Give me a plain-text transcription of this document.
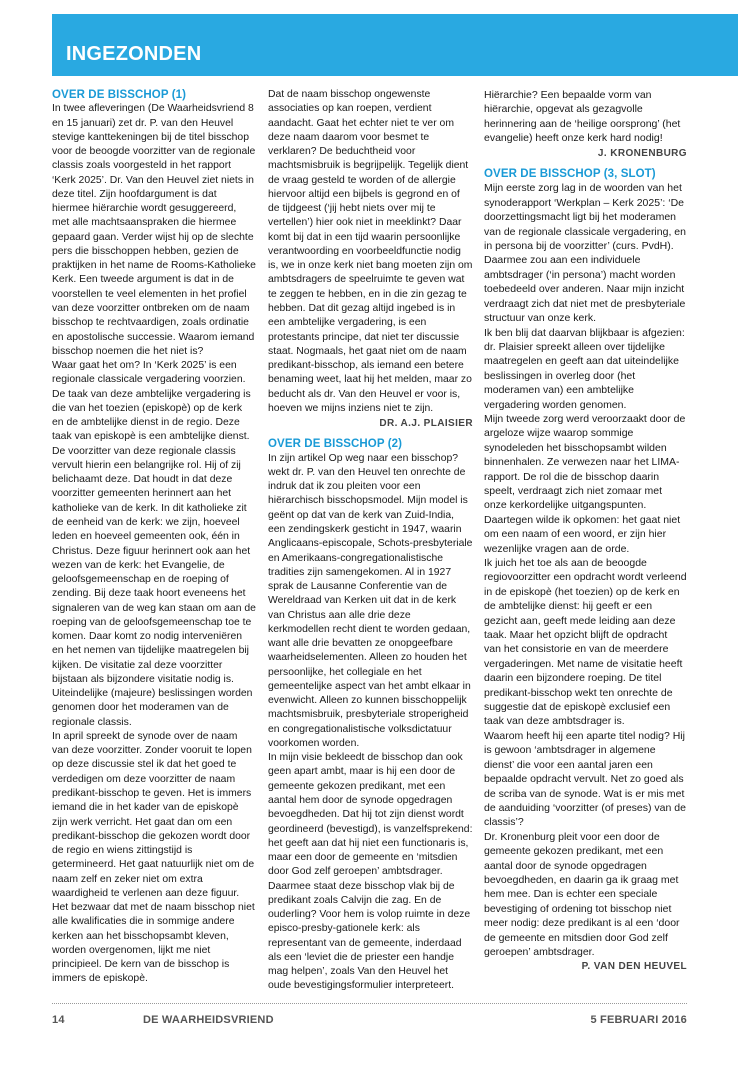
INGEZONDEN

OVER DE BISSCHOP (1)

In twee afleveringen (De Waarheidsvriend 8 en 15 januari) zet dr. P. van den Heuvel stevige kanttekeningen bij de titel bisschop voor de beoogde voorzitter van de regionale classis zoals voorgesteld in het rapport ‘Kerk 2025’. Dr. Van den Heuvel ziet niets in deze titel. Zijn hoofdargument is dat hiermee hiërarchie wordt gesuggereerd, met alle machtsaanspraken die hiermee gepaard gaan. Verder wijst hij op de slechte pers die bisschoppen hebben, gezien de praktijken in het name de Rooms-Katholieke Kerk. Een tweede argument is dat in de voorstellen te veel elementen in het profiel van deze voorzitter ontbreken om de naam bisschop te rechtvaardigen, zoals ordinatie en apostolische successie. Waarom iemand bisschop noemen die het niet is?

Waar gaat het om? In ‘Kerk 2025’ is een regionale classicale vergadering voorzien. De taak van deze ambtelijke vergadering is die van het toezien (episkopè) op de kerk en de ambtelijke dienst in de regio. Deze taak van episkopè is een ambtelijke dienst. De voorzitter van deze regionale classis vervult hierin een belangrijke rol. Hij of zij belichaamt deze. Dat houdt in dat deze voorzitter gemeenten herinnert aan het katholieke van de kerk. In dit katholieke zit de eenheid van de kerk: we zijn, hoeveel leden en hoeveel gemeenten ook, één in Christus. Deze figuur herinnert ook aan het wezen van de kerk: het Evangelie, de geloofsgemeenschap en de roeping of zending. Bij deze taak hoort eveneens het signaleren van de weg kan staan om aan de roeping van de geloofsgemeenschap toe te komen. Daar komt zo nodig interveniëren en het nemen van tijdelijke maatregelen bij kijken. De visitatie zal deze voorzitter bijstaan als bijzondere visitatie nodig is. Uiteindelijke (majeure) beslissingen worden genomen door het moderamen van de regionale classis.

In april spreekt de synode over de naam van deze voorzitter. Zonder vooruit te lopen op deze discussie stel ik dat het goed te verdedigen om deze voorzitter de naam predikant-bisschop te geven. Het is immers iemand die in het kader van de episkopè zijn werk verricht. Het gaat dan om een predikant-bisschop die gekozen wordt door de regio en wiens zittingstijd is getermineerd. Het gaat natuurlijk niet om de naam zelf en zeker niet om extra waardigheid te verlenen aan deze figuur. Het bezwaar dat met de naam bisschop niet alle kwalificaties die in sommige andere kerken aan het bisschopsambt kleven, worden overgenomen, lijkt me niet principieel. De kern van de bisschop is immers de episkopè.

Dat de naam bisschop ongewenste associaties op kan roepen, verdient aandacht. Gaat het echter niet te ver om deze naam daarom voor besmet te verklaren? De beduchtheid voor machtsmisbruik is begrijpelijk. Tegelijk dient de vraag gesteld te worden of de allergie hiervoor altijd een bijbels is gegrond en of de tijdgeest (‘jij hebt niets over mij te vertellen’) hier ook niet in meeklinkt? Daar komt bij dat in een tijd waarin persoonlijke verantwoording en voorbeeldfunctie nodig is, we in onze kerk niet bang moeten zijn om ambtsdragers de speelruimte te geven wat te zeggen te hebben, en in die zin gezag te hebben. Dat dit gezag altijd ingebed is in een ambtelijke vergadering, is een protestants principe, dat niet ter discussie staat. Nogmaals, het gaat niet om de naam predikant-bisschop, als iemand een betere benaming weet, laat hij het melden, maar zo beducht als dr. Van den Heuvel er voor is, hoeven we mijns inziens niet te zijn.

DR. A.J. PLAISIER

OVER DE BISSCHOP (2)

In zijn artikel Op weg naar een bisschop? wekt dr. P. van den Heuvel ten onrechte de indruk dat ik zou pleiten voor een hiërarchisch bisschopsmodel. Mijn model is geënt op dat van de kerk van Zuid-India, een zendingskerk gesticht in 1947, waarin Anglicaans-episcopale, Schots-presbyteriale en Amerikaans-congregationalistische tradities zijn samengekomen. Al in 1927 sprak de Lausanne Conferentie van de Wereldraad van Kerken uit dat in de kerk van Christus aan alle drie deze kerkmodellen recht dient te worden gedaan, want alle drie bevatten ze onopgeefbare waarheidselementen. Alleen zo houden het persoonlijke, het collegiale en het gemeentelijke aspect van het ambt elkaar in evenwicht. Alleen zo kunnen bisschoppelijk machtsmisbruik, presbyteriale stroperigheid en congregationalistische volksdictatuur voorkomen worden.

In mijn visie bekleedt de bisschop dan ook geen apart ambt, maar is hij een door de gemeente gekozen predikant, met een aantal hem door de synode opgedragen bevoegdheden. Dat hij tot zijn dienst wordt geordineerd (bevestigd), is vanzelfsprekend: het geeft aan dat hij niet een functionaris is, maar een door de gemeente en ‘mitsdien door God zelf geroepen’ ambtsdrager. Daarmee staat deze bisschop vlak bij de predikant zoals Calvijn die zag. En de ouderling? Voor hem is volop ruimte in deze episco-presby-gationele kerk: als representant van de gemeente, inderdaad als een ‘leviet die de priester een handje mag helpen’, zoals Van den Heuvel het oude bevestigingsformulier interpreteert.

Hiërarchie? Een bepaalde vorm van hiërarchie, opgevat als gezagvolle herinnering aan de ‘heilige oorsprong’ (het evangelie) heeft onze kerk hard nodig!

J. KRONENBURG

OVER DE BISSCHOP (3, SLOT)

Mijn eerste zorg lag in de woorden van het synoderapport ‘Werkplan – Kerk 2025’: ‘De doorzettingsmacht ligt bij het moderamen van de regionale classicale vergadering, en in persona bij de voorzitter’ (curs. PvdH). Daarmee zou aan een individuele ambtsdrager (‘in persona’) macht worden toebedeeld over anderen. Naar mijn inzicht verdraagt zich dat niet met de presbyteriale structuur van onze kerk.

Ik ben blij dat daarvan blijkbaar is afgezien: dr. Plaisier spreekt alleen over tijdelijke maatregelen en geeft aan dat uiteindelijke beslissingen in overleg door (het moderamen van) een ambtelijke vergadering worden genomen.

Mijn tweede zorg werd veroorzaakt door de argeloze wijze waarop sommige synodeleden het bisschopsambt wilden binnenhalen. Ze verwezen naar het LIMA-rapport. De rol die de bisschop daarin speelt, verdraagt zich niet zomaar met onze kerkordelijke uitgangspunten. Daartegen wilde ik opkomen: het gaat niet om een naam of een woord, er zijn hier wezenlijke vragen aan de orde.

Ik juich het toe als aan de beoogde regiovoorzitter een opdracht wordt verleend in de episkopè (het toezien) op de kerk en de ambtelijke dienst: hij geeft er een gezicht aan, geeft mede leiding aan deze taak. Maar het opzicht blijft de opdracht van het consistorie en van de meerdere vergaderingen. Met name de visitatie heeft daarin een bijzondere roeping. De titel predikant-bisschop wekt ten onrechte de suggestie dat de episkopè exclusief een taak van deze ambtsdrager is.

Waarom heeft hij een aparte titel nodig? Hij is gewoon ‘ambtsdrager in algemene dienst’ die voor een aantal jaren een bepaalde opdracht vervult. Net zo goed als de scriba van de synode. Wat is er mis met de aanduiding ‘voorzitter (of preses) van de classis’?

Dr. Kronenburg pleit voor een door de gemeente gekozen predikant, met een aantal door de synode opgedragen bevoegdheden, en daarin ga ik graag met hem mee. Dan is echter een speciale bevestiging of ordening tot bisschop niet meer nodig: deze predikant is al een ‘door de gemeente en mitsdien door God zelf geroepen’ ambtsdrager.

P. VAN DEN HEUVEL

14	DE WAARHEIDSVRIEND	5 FEBRUARI 2016
